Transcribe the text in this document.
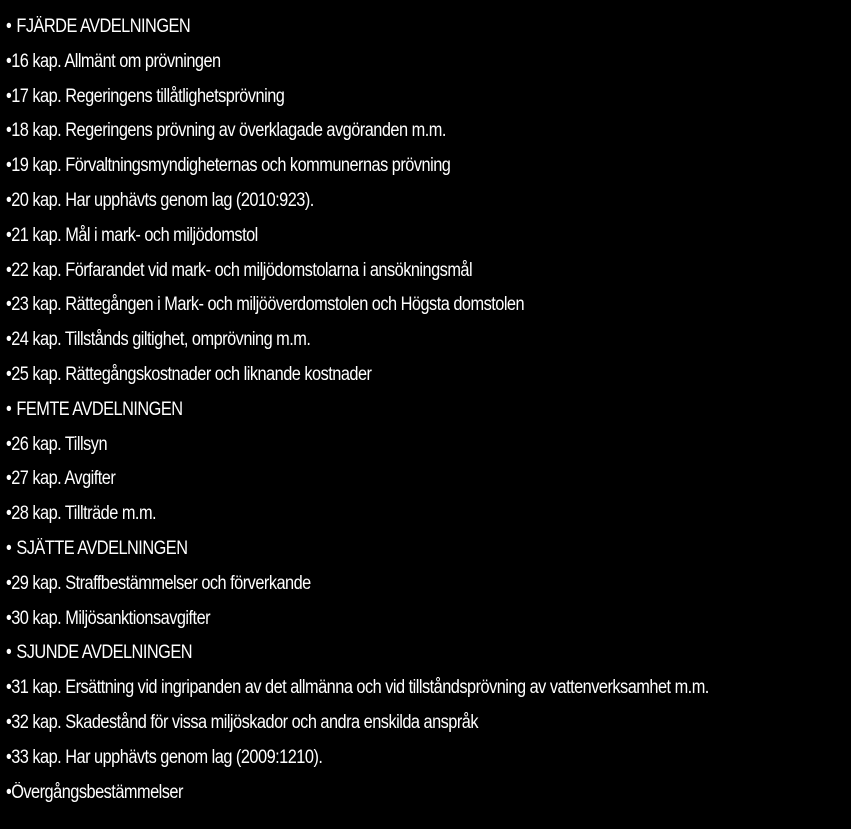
• FJÄRDE AVDELNINGEN
•16 kap. Allmänt om prövningen
•17 kap. Regeringens tillåtlighetsprövning
•18 kap. Regeringens prövning av överklagade avgöranden m.m.
•19 kap. Förvaltningsmyndigheternas och kommunernas prövning
•20 kap. Har upphävts genom lag (2010:923).
•21 kap. Mål i mark- och miljödomstol
•22 kap. Förfarandet vid mark- och miljödomstolarna i ansökningsmål
•23 kap. Rättegången i Mark- och miljööverdomstolen och Högsta domstolen
•24 kap. Tillstånds giltighet, omprövning m.m.
•25 kap. Rättegångskostnader och liknande kostnader
• FEMTE AVDELNINGEN
•26 kap. Tillsyn
•27 kap. Avgifter
•28 kap. Tillträde m.m.
• SJÄTTE AVDELNINGEN
•29 kap. Straffbestämmelser och förverkande
•30 kap. Miljösanktionsavgifter
• SJUNDE AVDELNINGEN
•31 kap. Ersättning vid ingripanden av det allmänna och vid tillståndsprövning av vattenverksamhet m.m.
•32 kap. Skadestånd för vissa miljöskador och andra enskilda anspråk
•33 kap. Har upphävts genom lag (2009:1210).
•Övergångsbestämmelser
